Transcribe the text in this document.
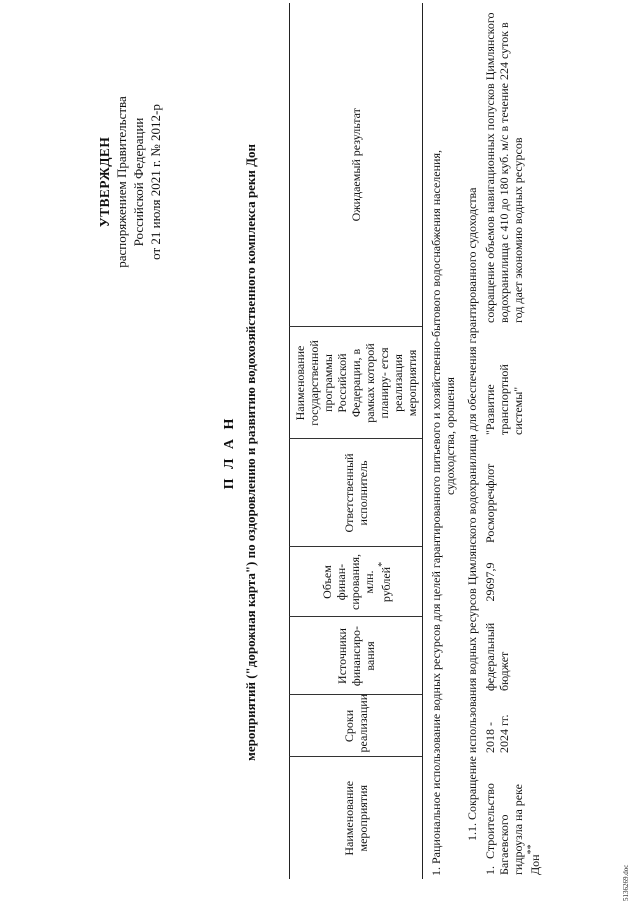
УТВЕРЖДЕН распоряжением Правительства Российской Федерации от 21 июля 2021 г. № 2012-р
П Л А Н мероприятий ("дорожная карта") по оздоровлению и развитию водохозяйственного комплекса реки Дон
Наименование мероприятия	Сроки реализации	Источники финансиро- вания	Объем финан- сирования, млн. рублей*	Ответственный исполнитель	Наименование государственной программы Российской Федерации, в рамках которой планиру- ется реализация мероприятия	Ожидаемый результат
1. Рациональное использование водных ресурсов для целей гарантированного питьевого и хозяйственно-бытового водоснабжения населения, судоходства, орошения						

1.1. Сокращение использования водных ресурсов Цимлянского водохранилища для обеспечения гарантированного судоходства						
1.Строительство Багаевского гидроузла на реке Дон**	2018 - 2024 гг.	федеральный бюджет	29697,9	Росморречфлот	"Развитие транспортной системы"	сокращение объемов навигационных попусков Цимлянского водохранилища с 410 до 180 куб. м/с в течение 224 суток в год дает экономию водных ресурсов
5136269.doc
